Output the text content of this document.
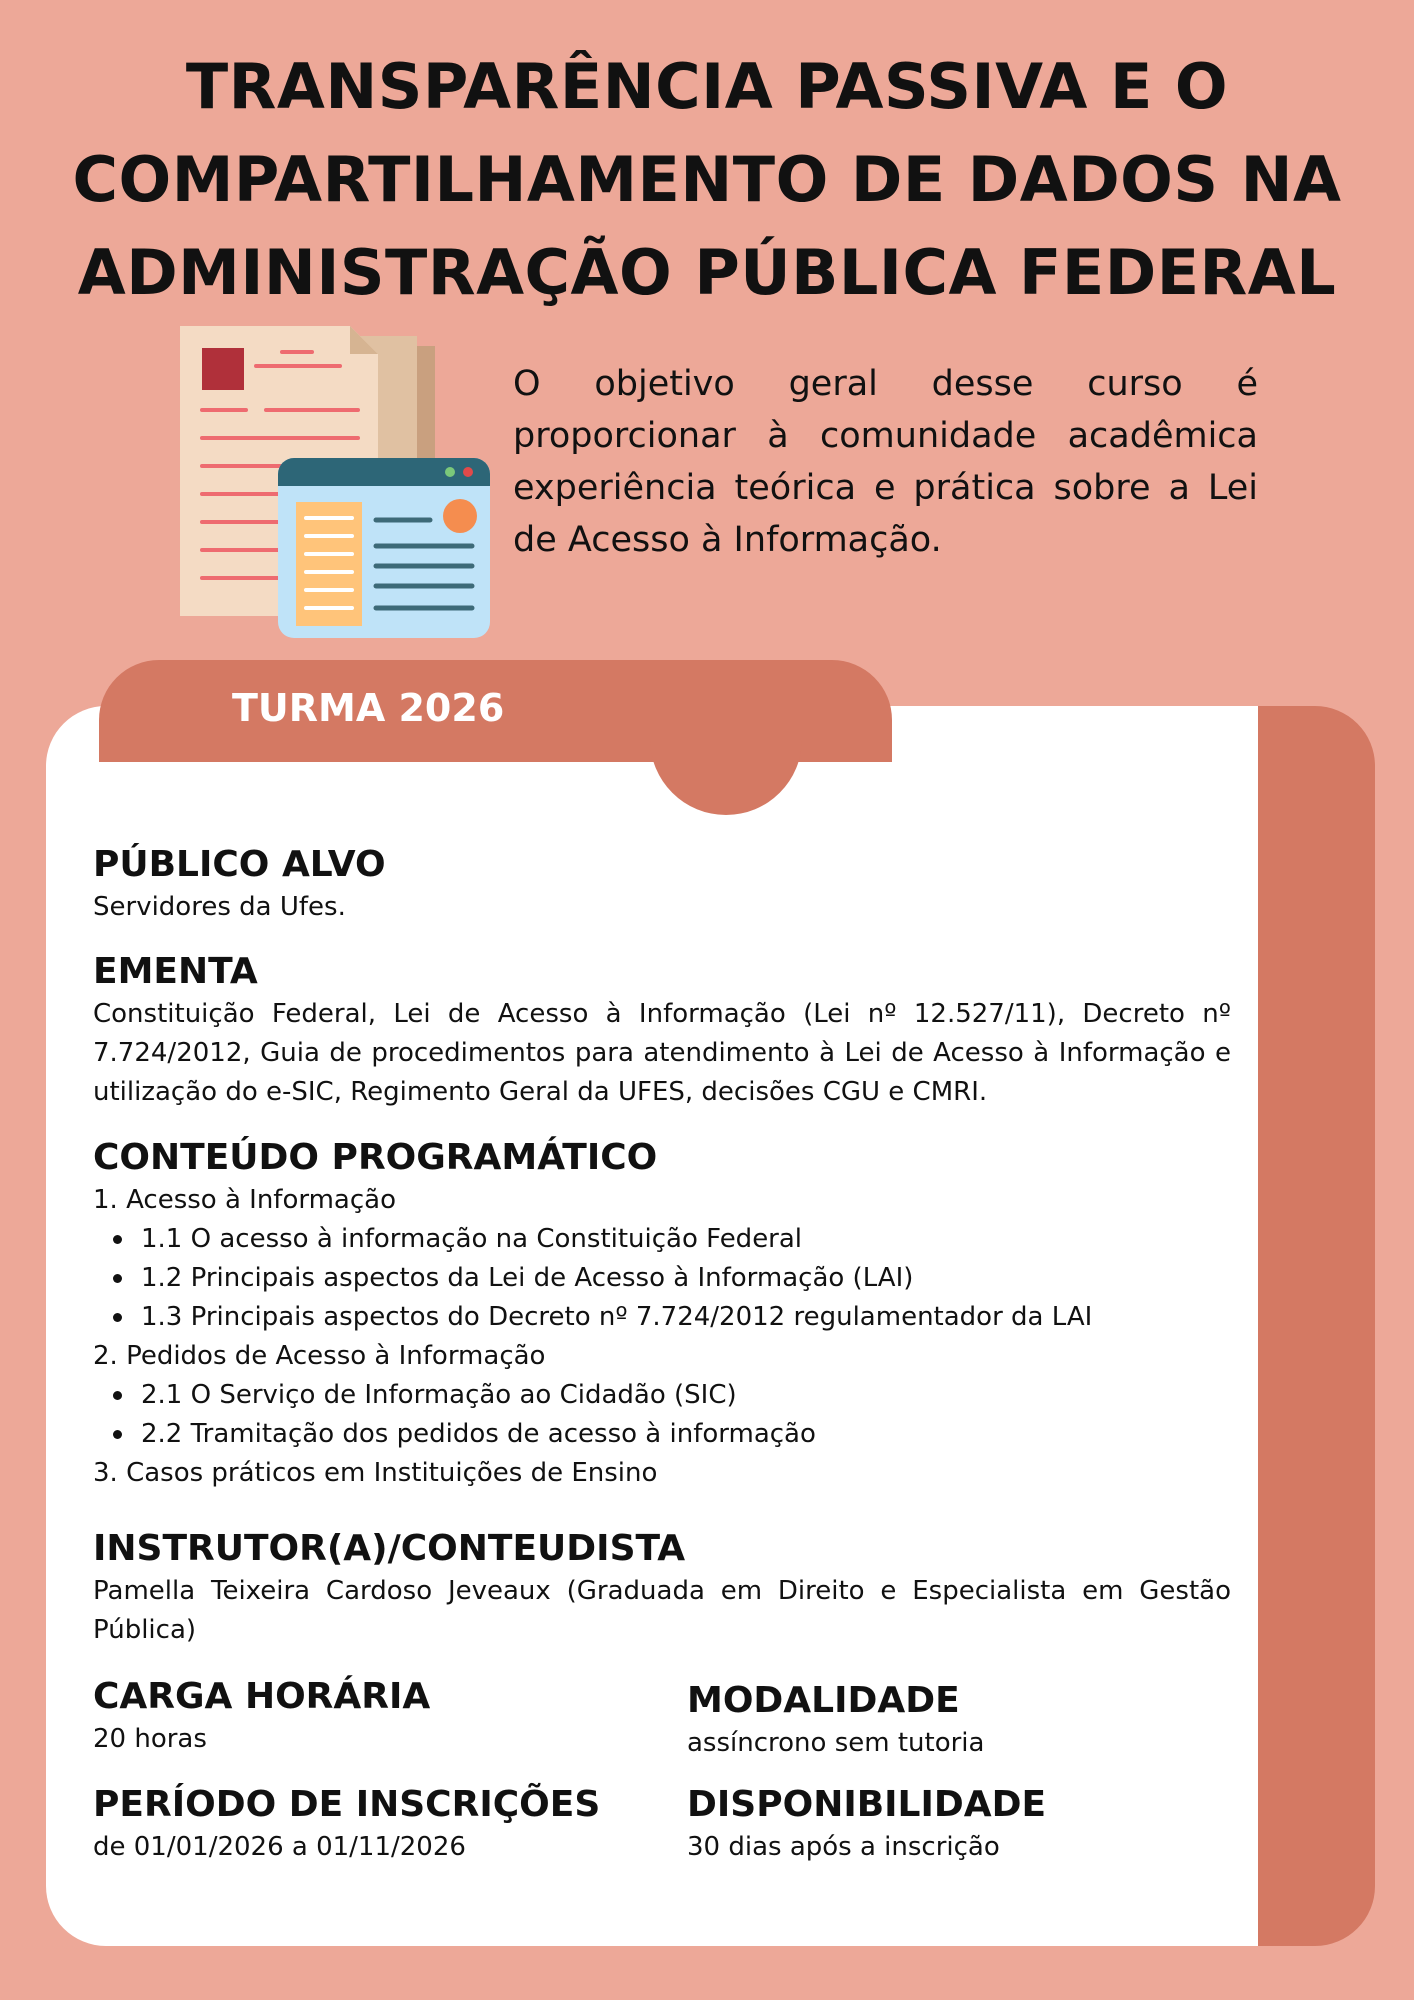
TRANSPARÊNCIA PASSIVA E O
COMPARTILHAMENTO DE DADOS NA
ADMINISTRAÇÃO PÚBLICA FEDERAL

O objetivo geral desse curso é proporcionar à comunidade acadêmica experiência teórica e prática sobre a Lei de Acesso à Informação.

TURMA 2026
PÚBLICO ALVO

Servidores da Ufes.

EMENTA

Constituição Federal, Lei de Acesso à Informação (Lei nº 12.527/11), Decreto nº 7.724/2012, Guia de procedimentos para atendimento à Lei de Acesso à Informação e utilização do e-SIC, Regimento Geral da UFES, decisões CGU e CMRI.

CONTEÚDO PROGRAMÁTICO
1. Acesso à Informação
1.1 O acesso à informação na Constituição Federal
1.2 Principais aspectos da Lei de Acesso à Informação (LAI)
1.3 Principais aspectos do Decreto nº 7.724/2012 regulamentador da LAI
2. Pedidos de Acesso à Informação
2.1 O Serviço de Informação ao Cidadão (SIC)
2.2 Tramitação dos pedidos de acesso à informação
3. Casos práticos em Instituições de Ensino
INSTRUTOR(A)/CONTEUDISTA

Pamella Teixeira Cardoso Jeveaux (Graduada em Direito e Especialista em Gestão Pública)

CARGA HORÁRIA

20 horas

MODALIDADE

assíncrono sem tutoria

PERÍODO DE INSCRIÇÕES

de 01/01/2026 a 01/11/2026

DISPONIBILIDADE

30 dias após a inscrição
